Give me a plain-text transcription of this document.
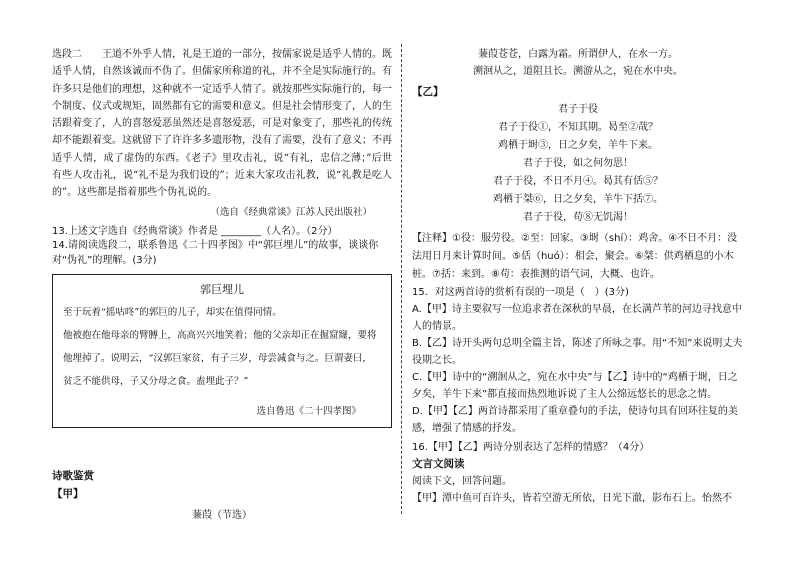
选段二　　王道不外乎人情，礼是王道的一部分，按儒家说是适乎人情的。既适乎人情，自然该诚而不伪了。但儒家所称道的礼，并不全是实际施行的。有许多只是他们的理想，这种就不一定适乎人情了。就按那些实际施行的，每一个制度、仪式或规矩，固然都有它的需要和意义。但是社会情形变了，人的生活跟着变了，人的喜怒爱恶虽然还是喜怒爱恶，可是对象变了，那些礼的传统却不能跟着变。这就留下了许许多多遗形物，没有了需要，没有了意义；不再适乎人情，成了虚伪的东西。《老子》里攻击礼，说“有礼，忠信之薄；”后世有些人攻击礼，说“礼不是为我们设的”；近来大家攻击礼教，说“礼教是吃人的”。这些都是指着那些个伪礼说的。

（选自《经典常谈》江苏人民出版社）

13.上述文字选自《经典常谈》作者是 ________（人名）。（2分）

14.请阅读选段二，联系鲁迅《二十四孝图》中“郭巨埋儿”的故事，谈谈你对“伪礼”的理解。(3分)

郭巨埋儿

至于玩着“摇咕咚”的郭巨的儿子，却实在值得同情。

他被抱在他母亲的臂膊上，高高兴兴地笑着；他的父亲却正在掘窟窿，要将他埋掉了。说明云，“汉郭巨家贫，有子三岁，母尝减食与之。巨谓妻曰，贫乏不能供母，子又分母之食。盍埋此子？”

选自鲁迅《二十四孝图》

诗歌鉴赏

【甲】

蒹葭（节选）

蒹葭苍苍，白露为霜。所谓伊人，在水一方。

溯洄从之，道阻且长。溯游从之，宛在水中央。

【乙】

君子于役

君子于役①，不知其期。曷至②哉？

鸡栖于埘③，日之夕矣，羊牛下来。

君子于役，如之何勿思！

君子于役，不日不月④。曷其有佸⑤？

鸡栖于桀⑥，日之夕矣，羊牛下括⑦。

君子于役，苟⑧无饥渴！

【注释】①役：服劳役。②至：回家。③埘（shí）：鸡舍。④不日不月：没法用日月来计算时间。⑤佸（huó）：相会，聚会。⑥桀：供鸡栖息的小木桩。⑦括：来到。⑧苟：表推测的语气词，大概、也许。

15．对这两首诗的赏析有误的一项是（　）(3分)

A.【甲】诗主要叙写一位追求者在深秋的早晨，在长满芦苇的河边寻找意中人的情景。

B.【乙】诗开头两句总明全篇主旨，陈述了所咏之事。用“不知”来说明丈夫役期之长。

C.【甲】诗中的“溯洄从之，宛在水中央”与【乙】诗中的“鸡栖于埘，日之夕矣，羊牛下来”都直接而热烈地诉说了主人公绵远悠长的思念之情。

D.【甲】【乙】两首诗都采用了重章叠句的手法，使诗句具有回环往复的美感，增强了情感的抒发。

16.【甲】【乙】两诗分别表达了怎样的情感？（4分）

文言文阅读

阅读下文，回答问题。

【甲】潭中鱼可百许头，皆若空游无所依，日光下澈，影布石上。怡然不
